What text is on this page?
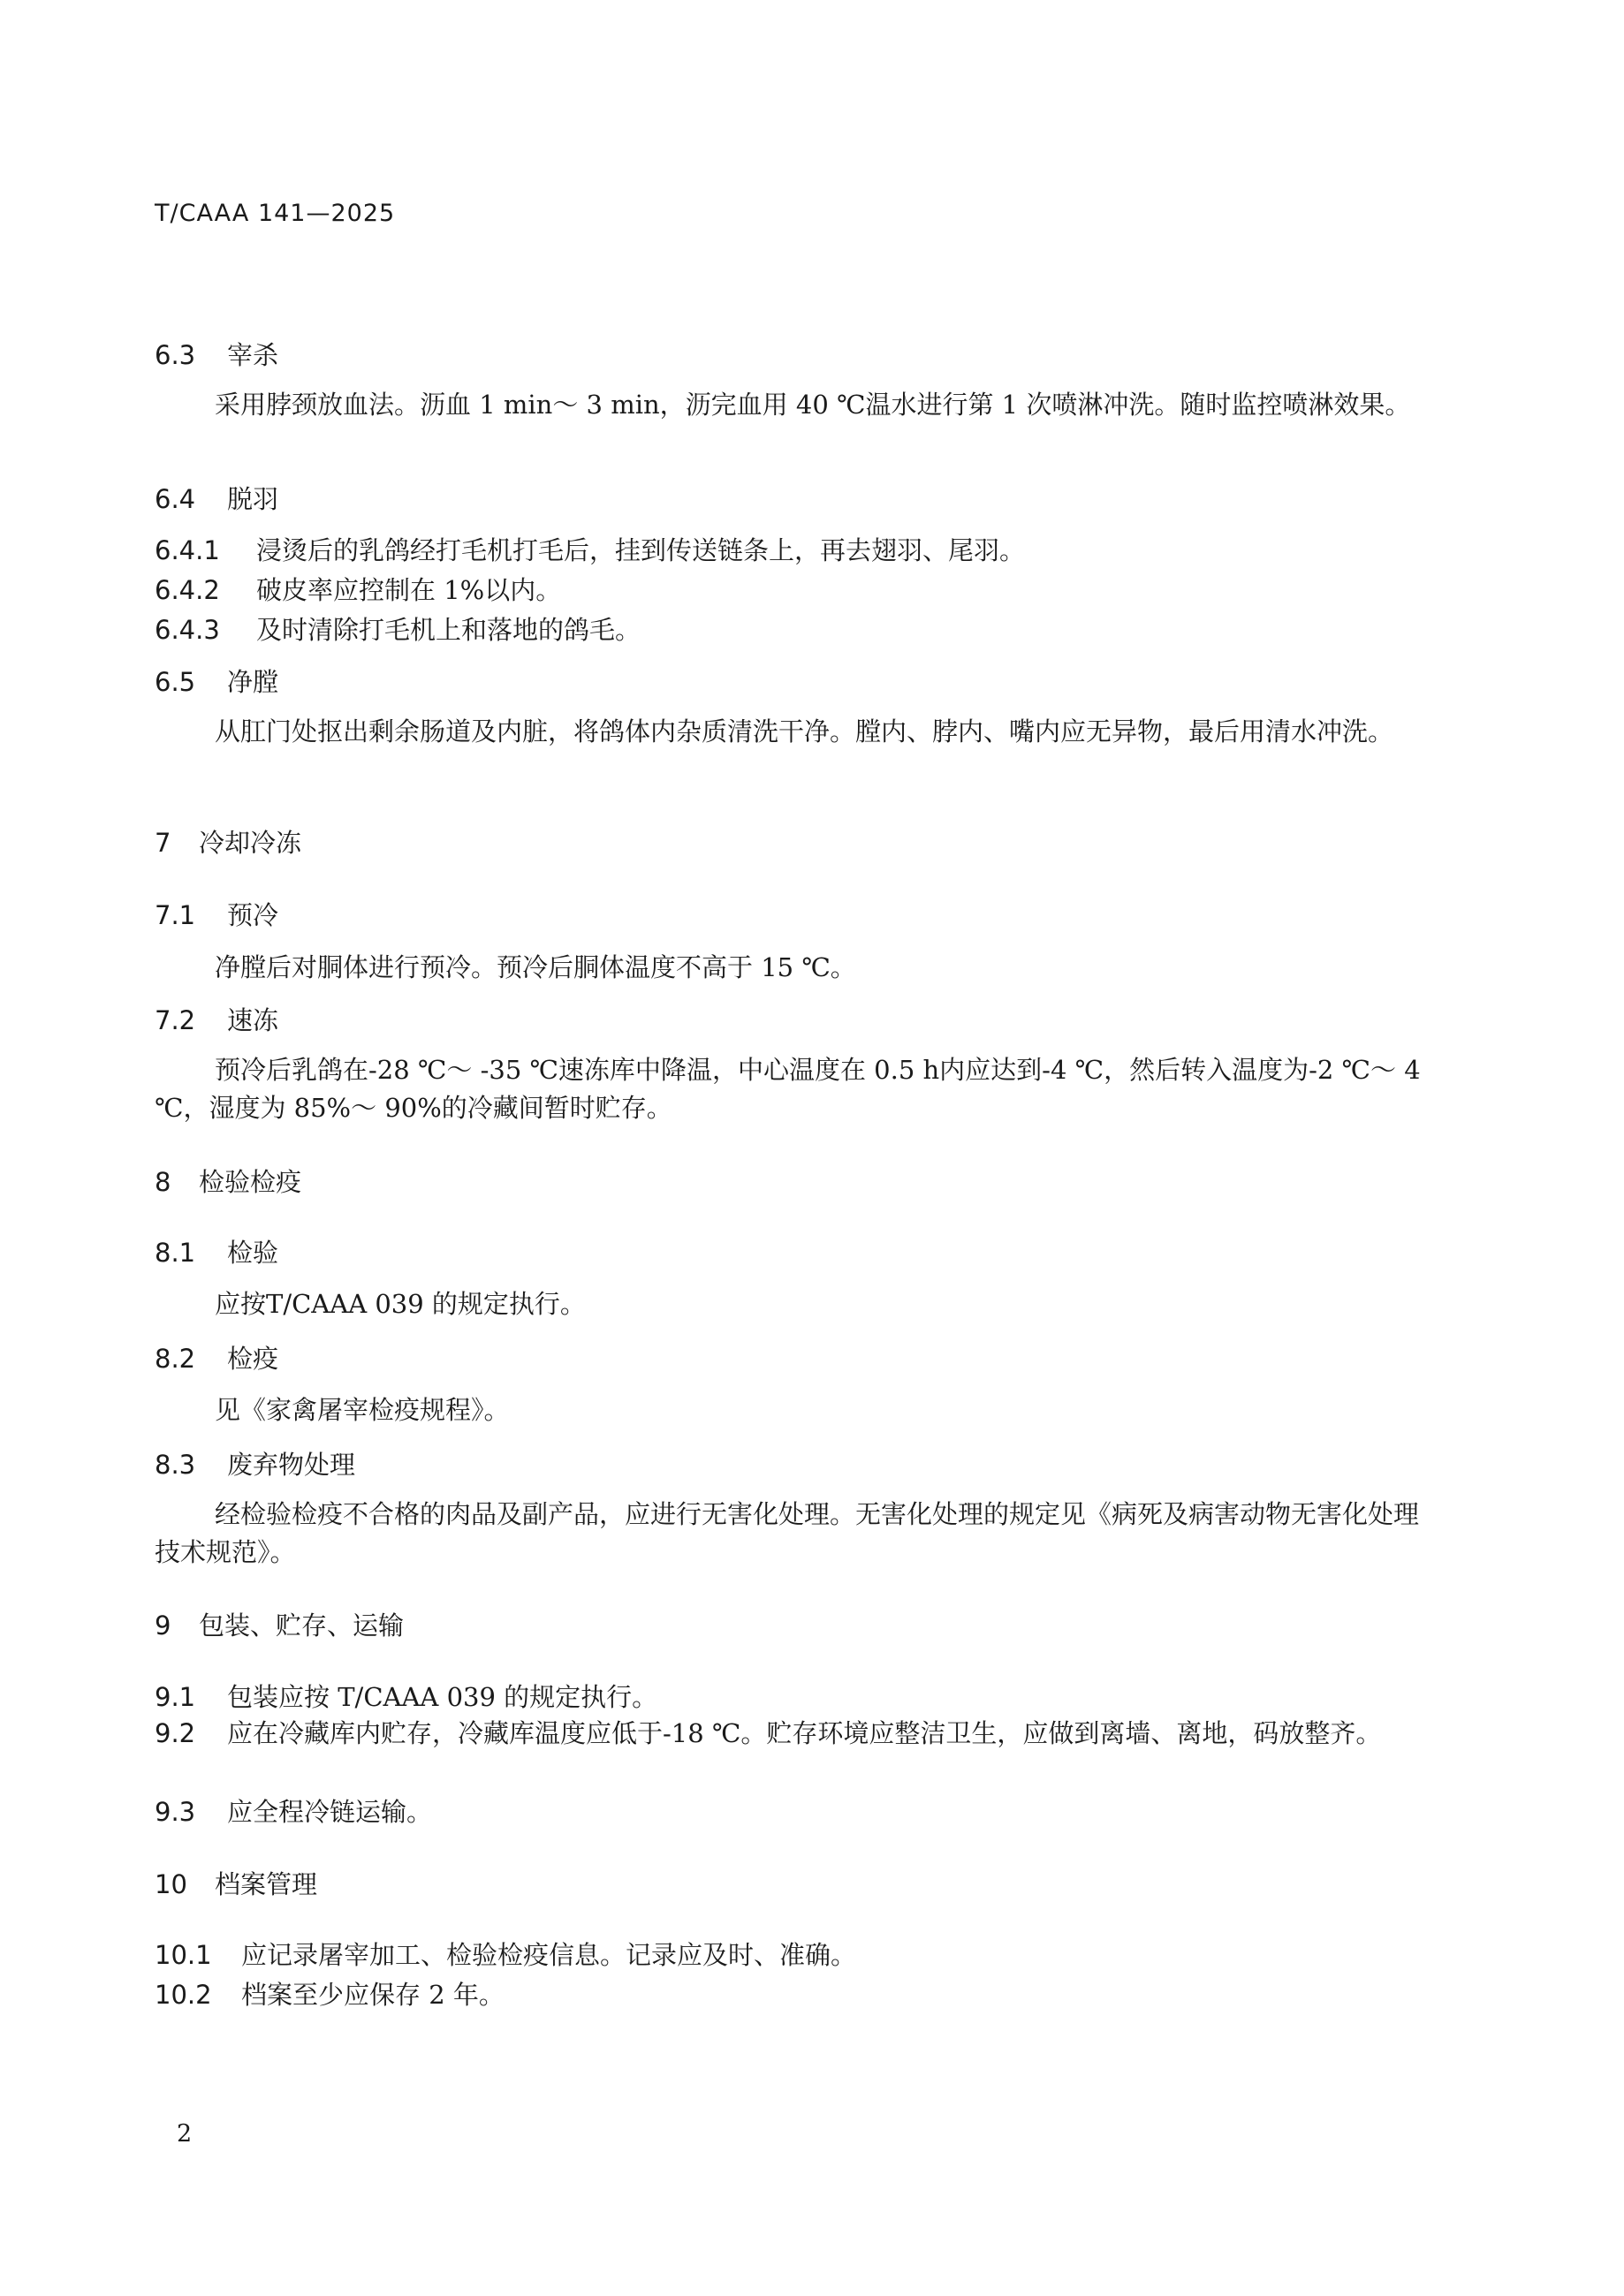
T/CAAA 141—2025
6.3 宰杀
采用脖颈放血法。沥血 1 min～ 3 min，沥完血用 40 ℃温水进行第 1 次喷淋冲洗。随时监控喷淋效果。
6.4 脱羽
6.4.1 浸烫后的乳鸽经打毛机打毛后，挂到传送链条上，再去翅羽、尾羽。
6.4.2 破皮率应控制在 1%以内。
6.4.3 及时清除打毛机上和落地的鸽毛。
6.5 净膛
从肛门处抠出剩余肠道及内脏，将鸽体内杂质清洗干净。膛内、脖内、嘴内应无异物，最后用清水冲洗。
7 冷却冷冻
7.1 预冷
净膛后对胴体进行预冷。预冷后胴体温度不高于 15 ℃。
7.2 速冻
预冷后乳鸽在-28 ℃～ -35 ℃速冻库中降温，中心温度在 0.5 h内应达到-4 ℃，然后转入温度为-2 ℃～ 4 ℃，湿度为 85%～ 90%的冷藏间暂时贮存。
8 检验检疫
8.1 检验
应按T/CAAA 039 的规定执行。
8.2 检疫
见《家禽屠宰检疫规程》。
8.3 废弃物处理
经检验检疫不合格的肉品及副产品，应进行无害化处理。无害化处理的规定见《病死及病害动物无害化处理技术规范》。
9 包装、贮存、运输
9.1 包装应按 T/CAAA 039 的规定执行。
9.2 应在冷藏库内贮存，冷藏库温度应低于-18 ℃。贮存环境应整洁卫生，应做到离墙、离地，码放整齐。
9.3 应全程冷链运输。
10 档案管理
10.1 应记录屠宰加工、检验检疫信息。记录应及时、准确。
10.2 档案至少应保存 2 年。
2
